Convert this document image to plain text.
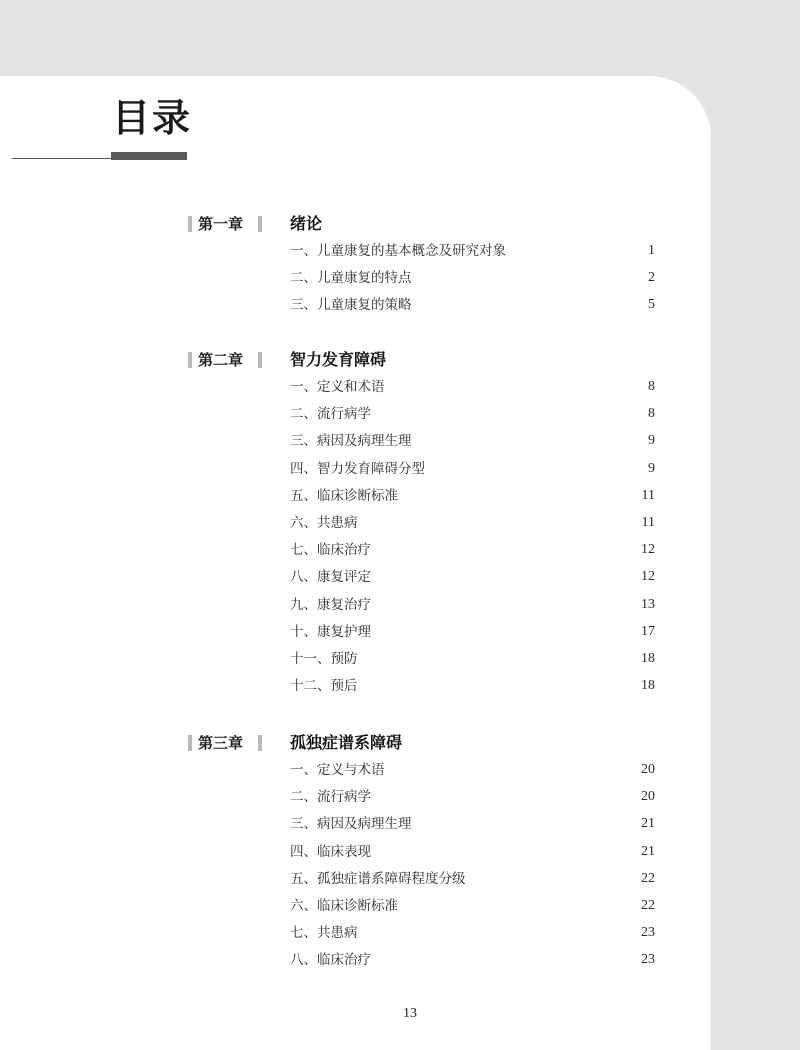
目录
第一章	绪论
一、儿童康复的基本概念及研究对象	1
二、儿童康复的特点	2
三、儿童康复的策略	5
第二章	智力发育障碍
一、定义和术语	8
二、流行病学	8
三、病因及病理生理	9
四、智力发育障碍分型	9
五、临床诊断标准	11
六、共患病	11
七、临床治疗	12
八、康复评定	12
九、康复治疗	13
十、康复护理	17
十一、预防	18
十二、预后	18
第三章	孤独症谱系障碍
一、定义与术语	20
二、流行病学	20
三、病因及病理生理	21
四、临床表现	21
五、孤独症谱系障碍程度分级	22
六、临床诊断标准	22
七、共患病	23
八、临床治疗	23
13
